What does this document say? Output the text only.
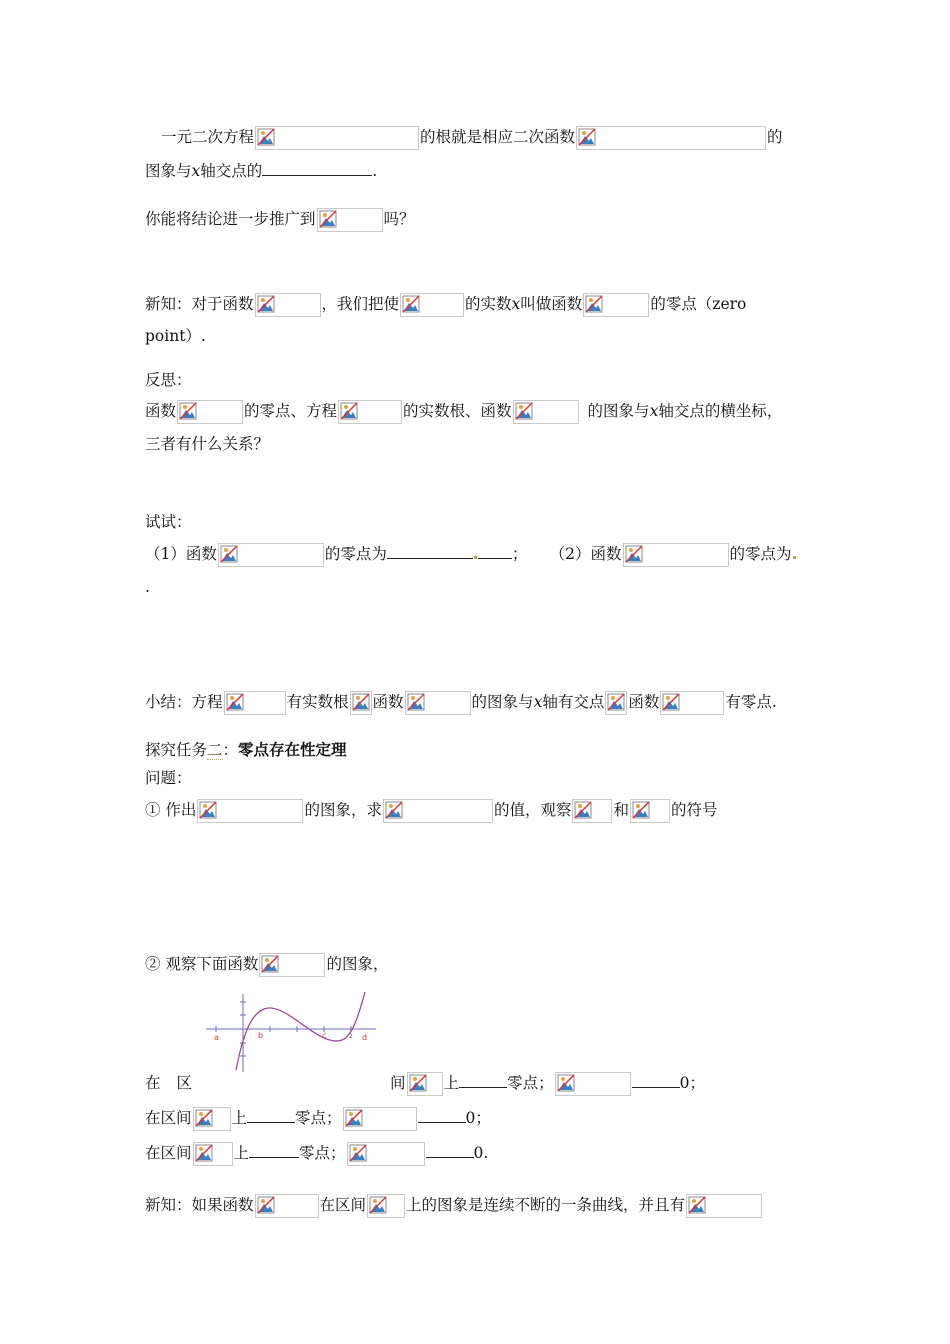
一元二次方程	的根就是相应二次函数	的
图象与x轴交点的	.
你能将结论进一步推广到	吗？
新知：对于函数	，我们把使	的实数x叫做函数	的零点（zero
point）.
反思：
函数	的零点、方程	的实数根、函数	的图象与x轴交点的横坐标，
三者有什么关系？
试试：
（1）函数	的零点为	； （2）函数	的零点为
.
小结：方程	有实数根 函数	的图象与x轴有交点 函数	有零点.
探究任务二：零点存在性定理
问题：
① 作出	的图象，求	的值，观察	和	的符号
② 观察下面函数	的图象，
a	b	c	2 d
在 区	间 上	零点；	0；
在区间	上	零点；	0；
在区间	上	零点；	0.
新知：如果函数	在区间	上的图象是连续不断的一条曲线，并且有
